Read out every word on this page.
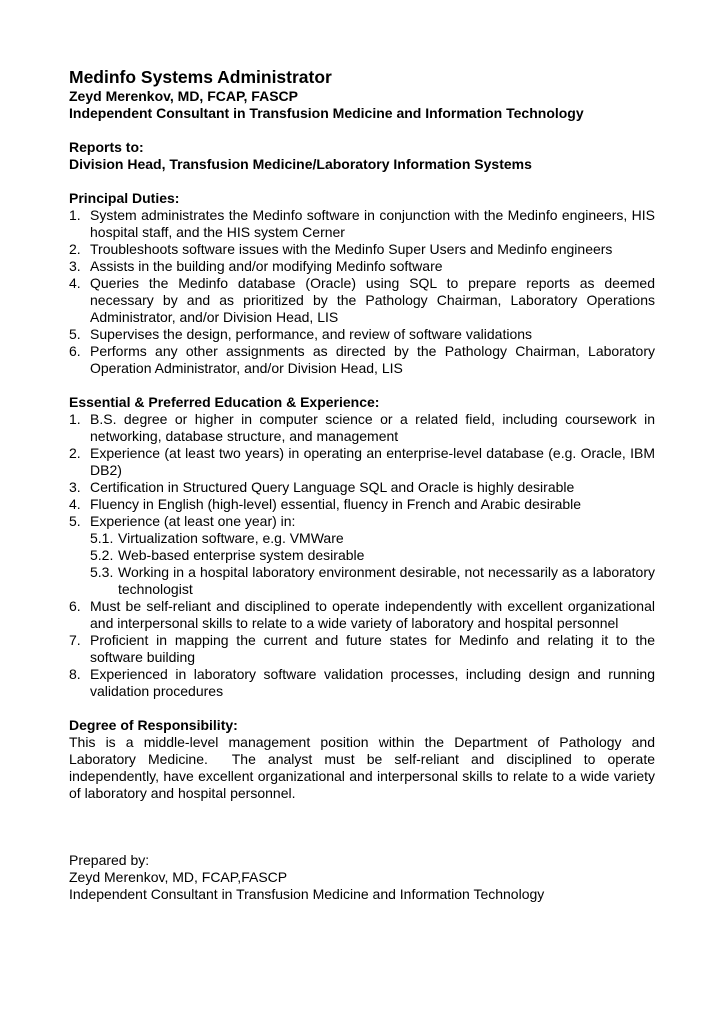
Medinfo Systems Administrator
Zeyd Merenkov, MD, FCAP, FASCP
Independent Consultant in Transfusion Medicine and Information Technology
Reports to:
Division Head, Transfusion Medicine/Laboratory Information Systems
Principal Duties:
1. System administrates the Medinfo software in conjunction with the Medinfo engineers, HIS hospital staff, and the HIS system Cerner
2. Troubleshoots software issues with the Medinfo Super Users and Medinfo engineers
3. Assists in the building and/or modifying Medinfo software
4. Queries the Medinfo database (Oracle) using SQL to prepare reports as deemed necessary by and as prioritized by the Pathology Chairman, Laboratory Operations Administrator, and/or Division Head, LIS
5. Supervises the design, performance, and review of software validations
6. Performs any other assignments as directed by the Pathology Chairman, Laboratory Operation Administrator, and/or Division Head, LIS
Essential & Preferred Education & Experience:
1. B.S. degree or higher in computer science or a related field, including coursework in networking, database structure, and management
2. Experience (at least two years) in operating an enterprise-level database (e.g. Oracle, IBM DB2)
3. Certification in Structured Query Language SQL and Oracle is highly desirable
4. Fluency in English (high-level) essential, fluency in French and Arabic desirable
5. Experience (at least one year) in:
5.1. Virtualization software, e.g. VMWare
5.2. Web-based enterprise system desirable
5.3. Working in a hospital laboratory environment desirable, not necessarily as a laboratory technologist
6. Must be self-reliant and disciplined to operate independently with excellent organizational and interpersonal skills to relate to a wide variety of laboratory and hospital personnel
7. Proficient in mapping the current and future states for Medinfo and relating it to the software building
8. Experienced in laboratory software validation processes, including design and running validation procedures
Degree of Responsibility:

This is a middle-level management position within the Department of Pathology and Laboratory Medicine.  The analyst must be self-reliant and disciplined to operate independently, have excellent organizational and interpersonal skills to relate to a wide variety of laboratory and hospital personnel.

Prepared by:
Zeyd Merenkov, MD, FCAP,FASCP
Independent Consultant in Transfusion Medicine and Information Technology
